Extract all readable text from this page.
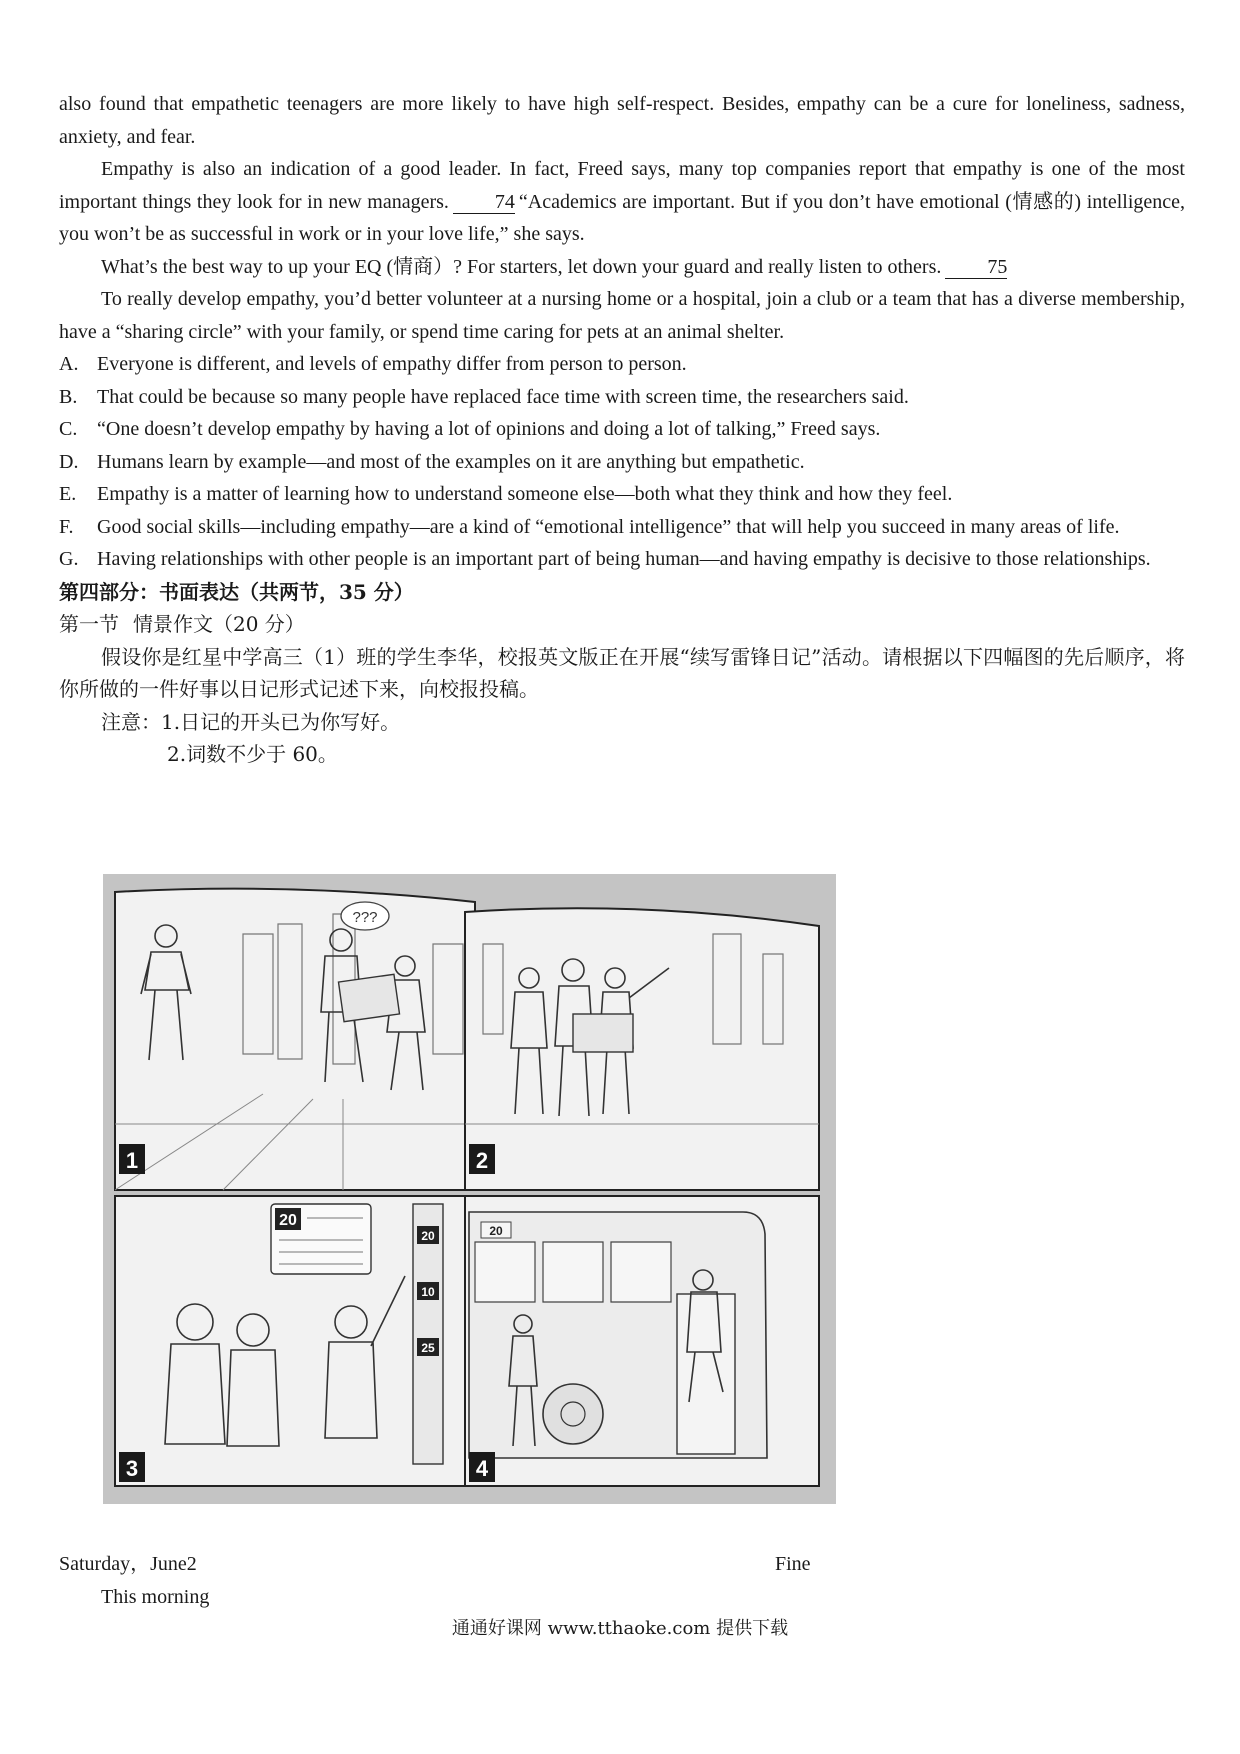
also found that empathetic teenagers are more likely to have high self-respect. Besides, empathy can be a cure for loneliness, sadness, anxiety, and fear.

Empathy is also an indication of a good leader. In fact, Freed says, many top companies report that empathy is one of the most important things they look for in new managers. 74 “Academics are important. But if you don’t have emotional (情感的) intelligence, you won’t be as successful in work or in your love life,” she says.

What’s the best way to up your EQ (情商）? For starters, let down your guard and really listen to others. 75

To really develop empathy, you’d better volunteer at a nursing home or a hospital, join a club or a team that has a diverse membership, have a “sharing circle” with your family, or spend time caring for pets at an animal shelter.

A. Everyone is different, and levels of empathy differ from person to person.
B. That could be because so many people have replaced face time with screen time, the researchers said.
C. “One doesn’t develop empathy by having a lot of opinions and doing a lot of talking,” Freed says.
D. Humans learn by example—and most of the examples on it are anything but empathetic.
E.	Empathy is a matter of learning how to understand someone else—both what they think and how they feel.
F.	Good social skills—including empathy—are a kind of “emotional intelligence” that will help you succeed in many areas of life.
G. Having relationships with other people is an important part of being human—and having empathy is decisive to those relationships.

第四部分：书面表达（共两节，35 分）

第一节 情景作文（20 分）

假设你是红星中学高三（1）班的学生李华，校报英文版正在开展“续写雷锋日记”活动。请根据以下四幅图的先后顺序，将你所做的一件好事以日记形式记述下来，向校报投稿。

注意：1.日记的开头已为你写好。

2.词数不少于 60。

???
1	2
20
20
10
25
3
20
4
Saturday，June2	Fine
This morning
通通好课网 www.tthaoke.com 提供下载
